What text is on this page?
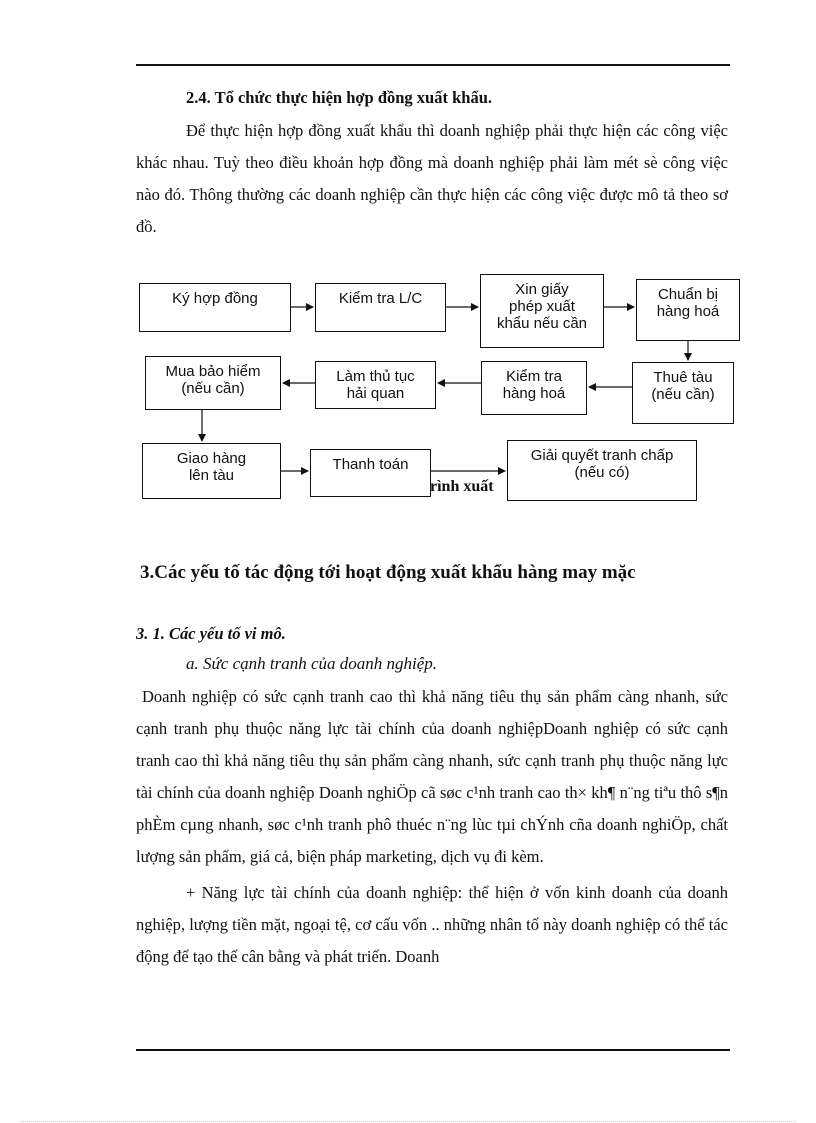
2.4. Tổ chức thực hiện hợp đồng xuất khẩu.

Để thực hiện hợp đồng xuất khẩu thì doanh nghiệp phải thực hiện các công việc khác nhau. Tuỳ theo điều khoản hợp đồng mà doanh nghiệp phải làm mét sè công việc nào đó. Thông thường các doanh nghiệp cần thực hiện các công việc được mô tả theo sơ đồ.

Ký hợp đồng	Kiểm tra L/C
Xin giấy
phép xuất
khẩu nếu cần
Chuẩn bị
hàng hoá
Thuê tàu
(nếu cần)
Kiểm tra
hàng hoá
Làm thủ tục
hải quan
Mua bảo hiểm
(nếu cần)
Giao hàng
lên tàu
Thanh toán
Giải quyết tranh chấp
(nếu có)
rình xuất
3.Các yếu tố tác động tới hoạt động xuất khẩu hàng may mặc
3. 1. Các yếu tố vi mô.
a. Sức cạnh tranh của doanh nghiệp.

Doanh nghiệp có sức cạnh tranh cao thì khả năng tiêu thụ sản phẩm càng nhanh, sức cạnh tranh phụ thuộc năng lực tài chính của doanh nghiệpDoanh nghiệp có sức cạnh tranh cao thì khả năng tiêu thụ sản phẩm càng nhanh, sức cạnh tranh phụ thuộc năng lực tài chính của doanh nghiệp Doanh nghiÖp cã søc c¹nh tranh cao th× kh¶ n¨ng tiªu thô s¶n phÈm cµng nhanh, søc c¹nh tranh phô thuéc n¨ng lùc tµi chÝnh cña doanh nghiÖp, chất lượng sản phẩm, giá cả, biện pháp marketing, dịch vụ đi kèm.

+ Năng lực tài chính của doanh nghiệp: thể hiện ở vốn kinh doanh của doanh nghiệp, lượng tiền mặt, ngoại tệ, cơ cấu vốn .. những nhân tố này doanh nghiệp có thể tác động để tạo thế cân bằng và phát triển. Doanh
